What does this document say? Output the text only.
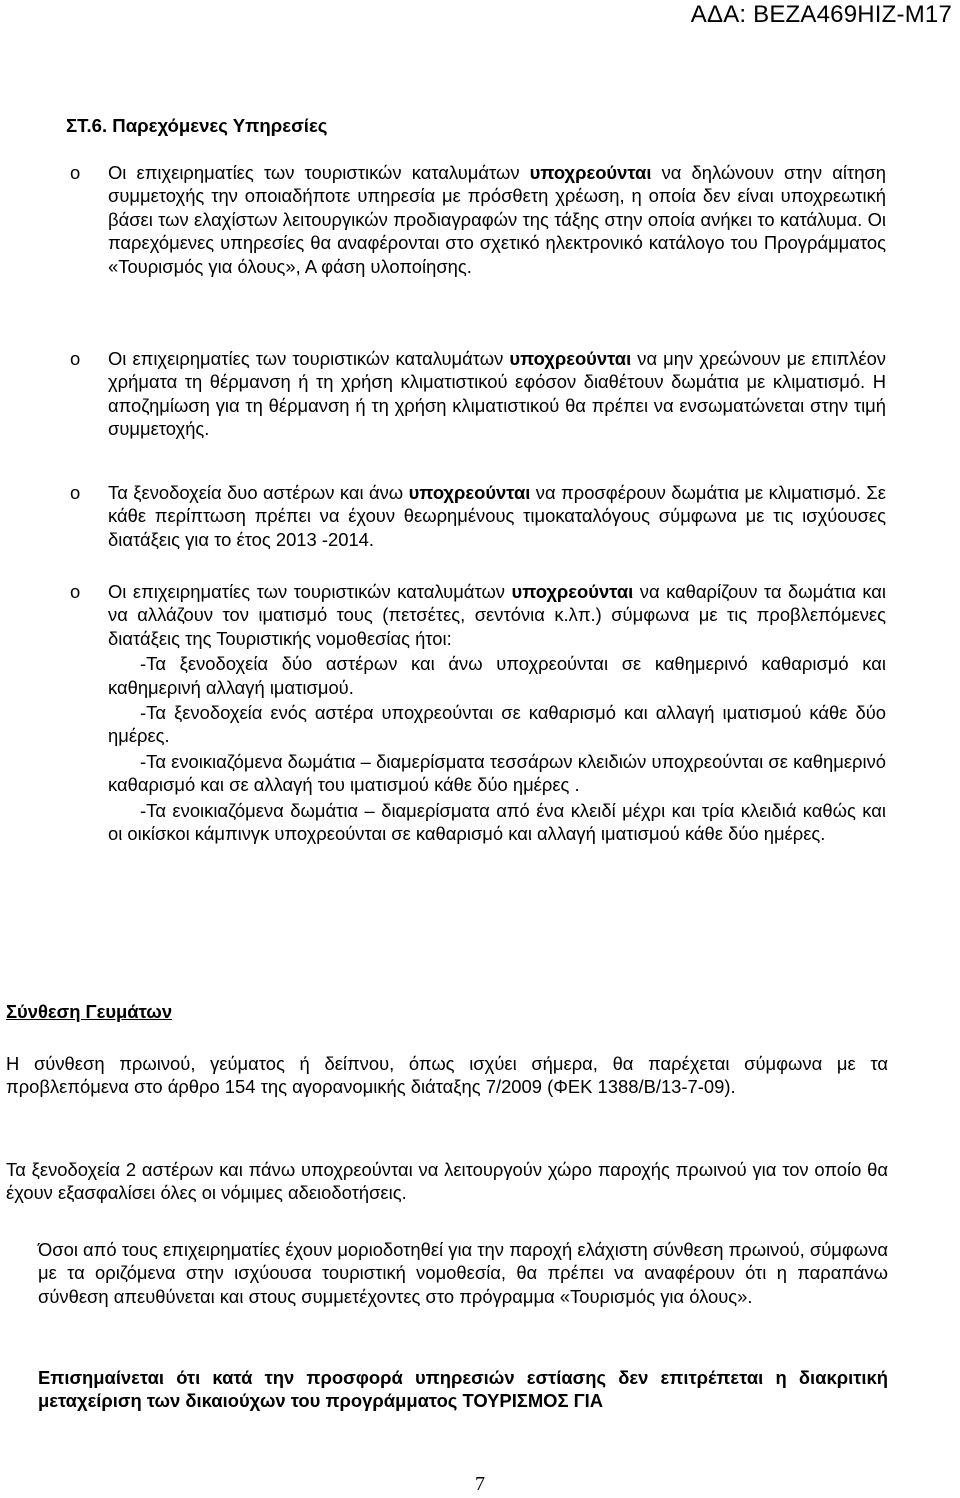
ΑΔΑ: ΒΕΖΑ469ΗΙΖ-Μ17
ΣΤ.6. Παρεχόμενες Υπηρεσίες
o Οι επιχειρηματίες των τουριστικών καταλυμάτων υποχρεούνται να δηλώνουν στην αίτηση συμμετοχής την οποιαδήποτε υπηρεσία με πρόσθετη χρέωση, η οποία δεν είναι υποχρεωτική βάσει των ελαχίστων λειτουργικών προδιαγραφών της τάξης στην οποία ανήκει το κατάλυμα. Οι παρεχόμενες υπηρεσίες θα αναφέρονται στο σχετικό ηλεκτρονικό κατάλογο του Προγράμματος «Τουρισμός για όλους», Α φάση υλοποίησης.
o Οι επιχειρηματίες των τουριστικών καταλυμάτων υποχρεούνται να μην χρεώνουν με επιπλέον χρήματα τη θέρμανση ή τη χρήση κλιματιστικού εφόσον διαθέτουν δωμάτια με κλιματισμό. Η αποζημίωση για τη θέρμανση ή τη χρήση κλιματιστικού θα πρέπει να ενσωματώνεται στην τιμή συμμετοχής.
o Τα ξενοδοχεία δυο αστέρων και άνω υποχρεούνται να προσφέρουν δωμάτια με κλιματισμό. Σε κάθε περίπτωση πρέπει να έχουν θεωρημένους τιμοκαταλόγους σύμφωνα με τις ισχύουσες διατάξεις για το έτος 2013 -2014.
o Οι επιχειρηματίες των τουριστικών καταλυμάτων υποχρεούνται να καθαρίζουν τα δωμάτια και να αλλάζουν τον ιματισμό τους (πετσέτες, σεντόνια κ.λπ.) σύμφωνα με τις προβλεπόμενες διατάξεις της Τουριστικής νομοθεσίας ήτοι:

-Τα ξενοδοχεία δύο αστέρων και άνω υποχρεούνται σε καθημερινό καθαρισμό και καθημερινή αλλαγή ιματισμού.

-Τα ξενοδοχεία ενός αστέρα υποχρεούνται σε καθαρισμό και αλλαγή ιματισμού κάθε δύο ημέρες.

-Τα ενοικιαζόμενα δωμάτια – διαμερίσματα τεσσάρων κλειδιών υποχρεούνται σε καθημερινό καθαρισμό και σε αλλαγή του ιματισμού κάθε δύο ημέρες .

-Τα ενοικιαζόμενα δωμάτια – διαμερίσματα από ένα κλειδί μέχρι και τρία κλειδιά καθώς και οι οικίσκοι κάμπινγκ υποχρεούνται σε καθαρισμό και αλλαγή ιματισμού κάθε δύο ημέρες.

Σύνθεση Γευμάτων

Η σύνθεση πρωινού, γεύματος ή δείπνου, όπως ισχύει σήμερα, θα παρέχεται σύμφωνα με τα προβλεπόμενα στο άρθρο 154 της αγορανομικής διάταξης 7/2009 (ΦΕΚ 1388/Β/13-7-09).

Τα ξενοδοχεία 2 αστέρων και πάνω υποχρεούνται να λειτουργούν χώρο παροχής πρωινού για τον οποίο θα έχουν εξασφαλίσει όλες οι νόμιμες αδειοδοτήσεις.

Όσοι από τους επιχειρηματίες έχουν μοριοδοτηθεί για την παροχή ελάχιστη σύνθεση πρωινού, σύμφωνα με τα οριζόμενα στην ισχύουσα τουριστική νομοθεσία, θα πρέπει να αναφέρουν ότι η παραπάνω σύνθεση απευθύνεται και στους συμμετέχοντες στο πρόγραμμα «Τουρισμός για όλους».

Επισημαίνεται ότι κατά την προσφορά υπηρεσιών εστίασης δεν επιτρέπεται η διακριτική μεταχείριση των δικαιούχων του προγράμματος ΤΟΥΡΙΣΜΟΣ ΓΙΑ

7
